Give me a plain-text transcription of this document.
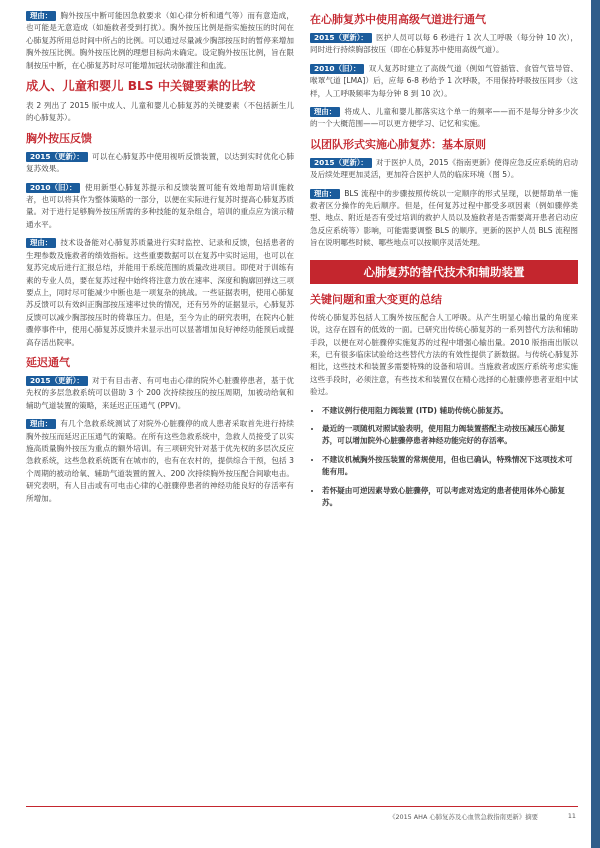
理由： 胸外按压中断可能因急救要求（如心律分析和通气等）而有意造成，也可能是无意造成（如施救者受到打扰）。胸外按压比例是指实施按压的时间在心肺复苏所用总时间中所占的比例。可以通过尽量减少胸部按压时的暂停来增加胸外按压比例。胸外按压比例的理想目标尚未确定。设定胸外按压比例，旨在限制按压中断，在心肺复苏时尽可能增加冠状动脉灌注和血流。

成人、儿童和婴儿 BLS 中关键要素的比较

表 2 列出了 2015 版中成人、儿童和婴儿心肺复苏的关键要素（不包括新生儿的心肺复苏）。

胸外按压反馈

2015（更新）： 可以在心肺复苏中使用视听反馈装置，以达到实时优化心肺复苏效果。

2010（旧）： 使用新型心肺复苏提示和反馈装置可能有效地帮助培训施救者，也可以将其作为整体策略的一部分，以便在实际进行复苏时提高心肺复苏质量。对于进行足够胸外按压所需的多种技能的复杂组合，培训的重点应为演示精通水平。

理由： 技术设备能对心肺复苏质量进行实时监控、记录和反馈，包括患者的生理参数及施救者的绩效指标。这些重要数据可以在复苏中实时运用，也可以在复苏完成后进行汇报总结，并能用于系统范围的质量改进项目。即使对于训练有素的专业人员，要在复苏过程中始终将注意力放在速率、深度和胸廓回弹这三项要点上，同时尽可能减少中断也是一项复杂的挑战。一些证据表明，使用心肺复苏反馈可以有效纠正胸部按压速率过快的情况，还有另外的证据显示，心肺复苏反馈可以减少胸部按压时的倚靠压力。但是，至今为止的研究表明，在院内心脏骤停事件中，使用心肺复苏反馈并未显示出可以显著增加良好神经功能预后或提高存活出院率。

延迟通气

2015（更新）： 对于有目击者、有可电击心律的院外心脏骤停患者，基于优先权的多层急救系统可以借助 3 个 200 次持续按压的按压周期，加被动给氧和辅助气道装置的策略，来延迟正压通气 (PPV)。

理由： 有几个急救系统测试了对院外心脏骤停的成人患者采取首先进行持续胸外按压而延迟正压通气的策略。在所有这些急救系统中，急救人员接受了以实施高质量胸外按压为重点的额外培训。有三项研究针对基于优先权的多层次反应急救系统，这些急救系统既有在城市的，也有在农村的，提供综合干预，包括 3 个周期的被动给氧、辅助气道装置的置入、200 次持续胸外按压配合间歇电击。研究表明，有人目击或有可电击心律的心脏骤停患者的神经功能良好的存活率有所增加。

在心肺复苏中使用高级气道进行通气

2015（更新）： 医护人员可以每 6 秒进行 1 次人工呼吸（每分钟 10 次），同时进行持续胸部按压（即在心肺复苏中使用高级气道）。

2010（旧）： 双人复苏时建立了高级气道（例如气管插管、食管气管导管、喉罩气道 [LMA]）后，应每 6-8 秒给予 1 次呼吸，不用保持呼吸按压同步（这样，人工呼吸频率为每分钟 8 到 10 次）。

理由： 将成人、儿童和婴儿都落实这个单一的频率——而不是每分钟多少次的一个大概范围——可以更方便学习、记忆和实施。

以团队形式实施心肺复苏：基本原则

2015（更新）： 对于医护人员，2015《指南更新》使得应急反应系统的启动及后续处理更加灵活，更加符合医护人员的临床环境（图 5）。

理由： BLS 流程中的步骤按照传统以一定顺序的形式呈现，以便帮助单一施救者区分操作的先后顺序。但是，任何复苏过程中都受多项因素（例如骤停类型、地点、附近是否有受过培训的救护人员以及施救者是否需要离开患者启动应急反应系统等）影响，可能需要调整 BLS 的顺序。更新的医护人员 BLS 流程图旨在说明哪些时候、哪些地点可以按顺序灵活处理。

心肺复苏的替代技术和辅助装置
关键问题和重大变更的总结

传统心肺复苏包括人工胸外按压配合人工呼吸。从产生明显心输出量的角度来说，这存在固有的低效的一面。已研究出传统心肺复苏的一系列替代方法和辅助手段，以便在对心脏骤停实施复苏的过程中增强心输出量。2010 版指南出版以来，已有很多临床试验给这些替代方法的有效性提供了新数据。与传统心肺复苏相比，这些技术和装置多需要特殊的设备和培训。当施救者或医疗系统考虑实施这些手段时，必须注意，有些技术和装置仅在精心选择的心脏骤停患者亚组中试验过。

• 不建议例行使用阻力阀装置 (ITD) 辅助传统心肺复苏。
• 最近的一项随机对照试验表明，使用阻力阀装置搭配主动按压减压心肺复苏，可以增加院外心脏骤停患者神经功能完好的存活率。
• 不建议机械胸外按压装置的常规使用，但也已确认，特殊情况下这项技术可能有用。
• 若怀疑由可逆因素导致心脏骤停，可以考虑对选定的患者使用体外心肺复苏。
《2015 AHA 心肺复苏及心血管急救指南更新》摘要	11
